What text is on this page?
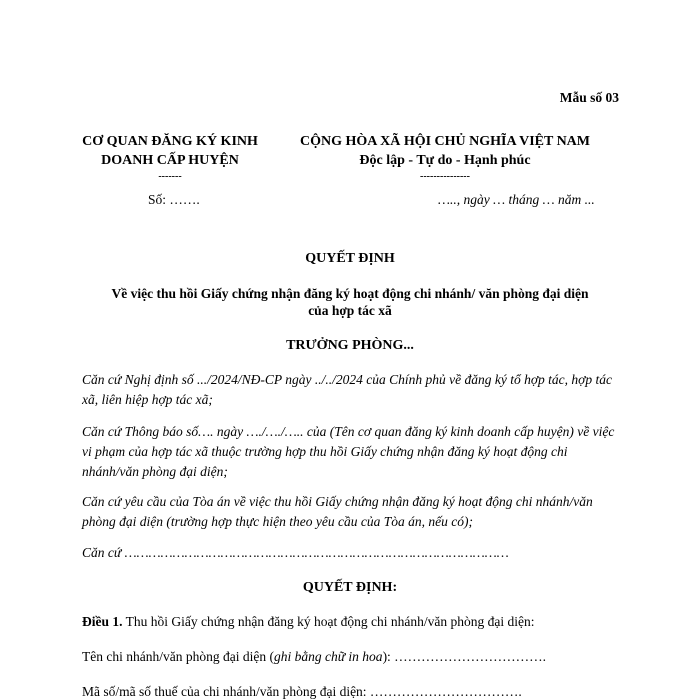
Mẫu số 03
CƠ QUAN ĐĂNG KÝ KINH
DOANH CẤP HUYỆN
-------
Số: …….
CỘNG HÒA XÃ HỘI CHỦ NGHĨA VIỆT NAM
Độc lập - Tự do - Hạnh phúc
---------------
….., ngày … tháng … năm ...
QUYẾT ĐỊNH
Về việc thu hồi Giấy chứng nhận đăng ký hoạt động chi nhánh/ văn phòng đại diện
của hợp tác xã
TRƯỞNG PHÒNG...
Căn cứ Nghị định số .../2024/NĐ-CP ngày ../../2024 của Chính phủ về đăng ký tổ hợp tác, hợp tác xã, liên hiệp hợp tác xã;
Căn cứ Thông báo số…. ngày …./…./….. của (Tên cơ quan đăng ký kinh doanh cấp huyện) về việc vi phạm của hợp tác xã thuộc trường hợp thu hồi Giấy chứng nhận đăng ký hoạt động chi nhánh/văn phòng đại diện;
Căn cứ yêu cầu của Tòa án về việc thu hồi Giấy chứng nhận đăng ký hoạt động chi nhánh/văn phòng đại diện (trường hợp thực hiện theo yêu cầu của Tòa án, nếu có);
Căn cứ ……………………………………………………………………………………
QUYẾT ĐỊNH:
Điều 1. Thu hồi Giấy chứng nhận đăng ký hoạt động chi nhánh/văn phòng đại diện:
Tên chi nhánh/văn phòng đại diện (ghi bằng chữ in hoa): …………………………….
Mã số/mã số thuế của chi nhánh/văn phòng đại diện: …………………………….
